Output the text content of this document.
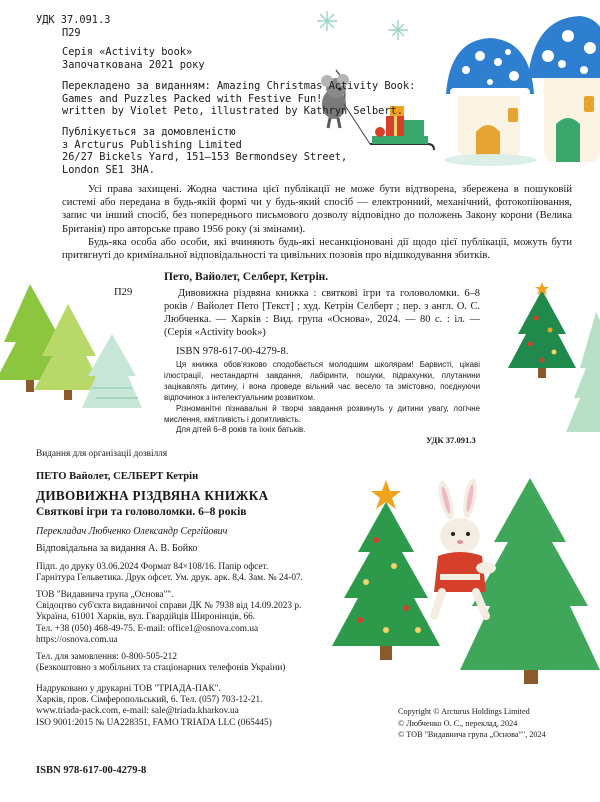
УДК 37.091.3
П29
Серія «Activity book»
Започаткована 2021 року
Перекладено за виданням: Amazing Christmas Activity Book:
Games and Puzzles Packed with Festive Fun!
written by Violet Peto, illustrated by Kathryn Selbert.
Публікується за домовленістю
з Arcturus Publishing Limited
26/27 Bickels Yard, 151–153 Bermondsey Street,
London SE1 3HA.

Усі права захищені. Жодна частина цієї публікації не може бути відтворена, збережена в пошуковій системі або передана в будь-якій формі чи у будь-який спосіб — електронний, механічний, фотокопіювання, запис чи інший спосіб, без попереднього письмового дозволу відповідно до положень Закону корони (Велика Британія) про авторське право 1956 року (зі змінами).

Будь-яка особа або особи, які вчиняють будь-які несанкціоновані дії щодо цієї публікації, можуть бути притягнуті до кримінальної відповідальності та цивільних позовів про відшкодування збитків.

Пето, Вайолет, Селберт, Кетрін.
П29	Дивовижна різдвяна книжка : святкові ігри та головоломки. 6–8 років / Вайолет Пето [Текст] ; худ. Кетрін Селберт ; пер. з англ. О. С. Любченка. — Харків : Вид. група «Основа», 2024. — 80 с. : іл. — (Серія «Activity book»)
ISBN 978-617-00-4279-8.

Ця книжка обов'язково сподобається молодшим школярам! Барвисті, цікаві ілюстрації, нестандартні завдання, лабіринти, пошуки, підрахунки, плутанини зацікавлять дитину, і вона проведе вільний час весело та змістовно, поєднуючи відпочинок з інтелектуальним розвитком.

Різноманітні пізнавальні й творчі завдання розвинуть у дитини увагу, логічне мислення, кмітливість і допитливість.

Для дітей 6–8 років та їхніх батьків.

УДК 37.091.3
Видання для організації дозвілля
ПЕТО Вайолет, СЕЛБЕРТ Кетрін
ДИВОВИЖНА РІЗДВЯНА КНИЖКА
Святкові ігри та головоломки. 6–8 років
Перекладач Любченко Олександр Сергійович
Відповідальна за видання А. В. Бойко
Підп. до друку 03.06.2024 Формат 84×108/16. Папір офсет.
Гарнітура Гельветика. Друк офсет. Ум. друк. арк. 8,4. Зам. № 24-07.
ТОВ "Видавнича група „Основа"".
Свідоцтво суб'єкта видавничої справи ДК № 7938 від 14.09.2023 р.
Україна, 61001 Харків, вул. Гвардійців Широнінців, 66.
Тел. +38 (050) 468-49-75. E-mail: office1@osnova.com.ua
https://osnova.com.ua
Тел. для замовлення: 0-800-505-212
(Безкоштовно з мобільних та стаціонарних телефонів України)
Надруковано у друкарні ТОВ "ТРІАДА-ПАК".
Харків, пров. Сімферопольський, 6. Тел. (057) 703-12-21.
www.triada-pack.com, e-mail: sale@triada.kharkov.ua
ISO 9001:2015 № UA228351, FAMO TRIADA LLC (065445)
ISBN 978-617-00-4279-8
Copyright © Arcturus Holdings Limited
© Любченко О. С., переклад, 2024
© ТОВ "Видавнича група „Основа"", 2024
